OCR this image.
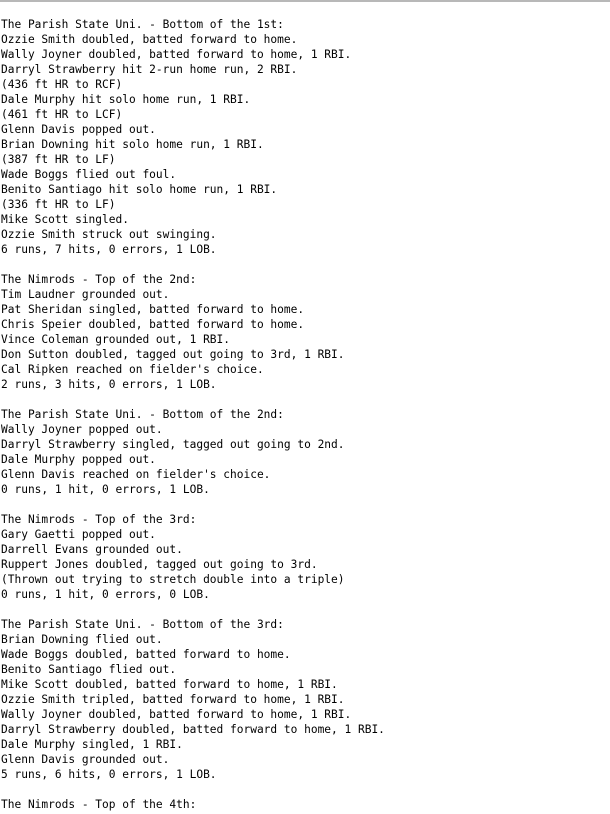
The Parish State Uni. - Bottom of the 1st:
Ozzie Smith doubled, batted forward to home.
Wally Joyner doubled, batted forward to home, 1 RBI.
Darryl Strawberry hit 2-run home run, 2 RBI.
(436 ft HR to RCF)
Dale Murphy hit solo home run, 1 RBI.
(461 ft HR to LCF)
Glenn Davis popped out.
Brian Downing hit solo home run, 1 RBI.
(387 ft HR to LF)
Wade Boggs flied out foul.
Benito Santiago hit solo home run, 1 RBI.
(336 ft HR to LF)
Mike Scott singled.
Ozzie Smith struck out swinging.
6 runs, 7 hits, 0 errors, 1 LOB.
The Nimrods - Top of the 2nd:
Tim Laudner grounded out.
Pat Sheridan singled, batted forward to home.
Chris Speier doubled, batted forward to home.
Vince Coleman grounded out, 1 RBI.
Don Sutton doubled, tagged out going to 3rd, 1 RBI.
Cal Ripken reached on fielder's choice.
2 runs, 3 hits, 0 errors, 1 LOB.
The Parish State Uni. - Bottom of the 2nd:
Wally Joyner popped out.
Darryl Strawberry singled, tagged out going to 2nd.
Dale Murphy popped out.
Glenn Davis reached on fielder's choice.
0 runs, 1 hit, 0 errors, 1 LOB.
The Nimrods - Top of the 3rd:
Gary Gaetti popped out.
Darrell Evans grounded out.
Ruppert Jones doubled, tagged out going to 3rd.
(Thrown out trying to stretch double into a triple)
0 runs, 1 hit, 0 errors, 0 LOB.
The Parish State Uni. - Bottom of the 3rd:
Brian Downing flied out.
Wade Boggs doubled, batted forward to home.
Benito Santiago flied out.
Mike Scott doubled, batted forward to home, 1 RBI.
Ozzie Smith tripled, batted forward to home, 1 RBI.
Wally Joyner doubled, batted forward to home, 1 RBI.
Darryl Strawberry doubled, batted forward to home, 1 RBI.
Dale Murphy singled, 1 RBI.
Glenn Davis grounded out.
5 runs, 6 hits, 0 errors, 1 LOB.
The Nimrods - Top of the 4th:
